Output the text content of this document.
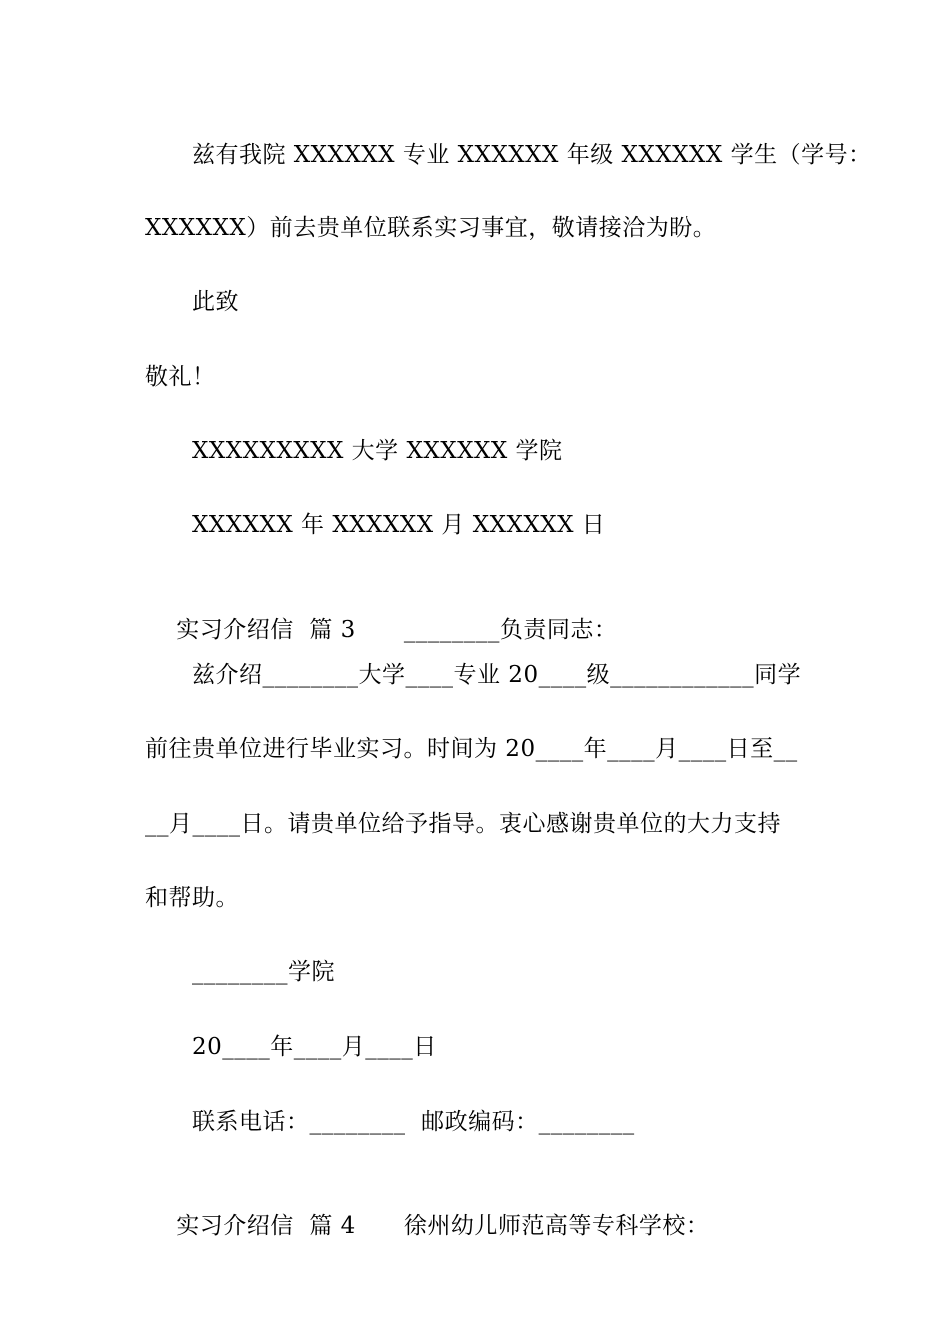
兹有我院 XXXXXX 专业 XXXXXX 年级 XXXXXX 学生（学号：
XXXXXX）前去贵单位联系实习事宜，敬请接洽为盼。
此致
敬礼！
XXXXXXXXX 大学 XXXXXX 学院
XXXXXX 年 XXXXXX 月 XXXXXX 日

实习介绍信  篇 3 ________负责同志：

兹介绍________大学____专业 20____级____________同学
前往贵单位进行毕业实习。时间为 20____年____月____日至__
__月____日。请贵单位给予指导。衷心感谢贵单位的大力支持
和帮助。
________学院
20____年____月____日
联系电话：________  邮政编码：________

实习介绍信  篇 4 徐州幼儿师范高等专科学校：
